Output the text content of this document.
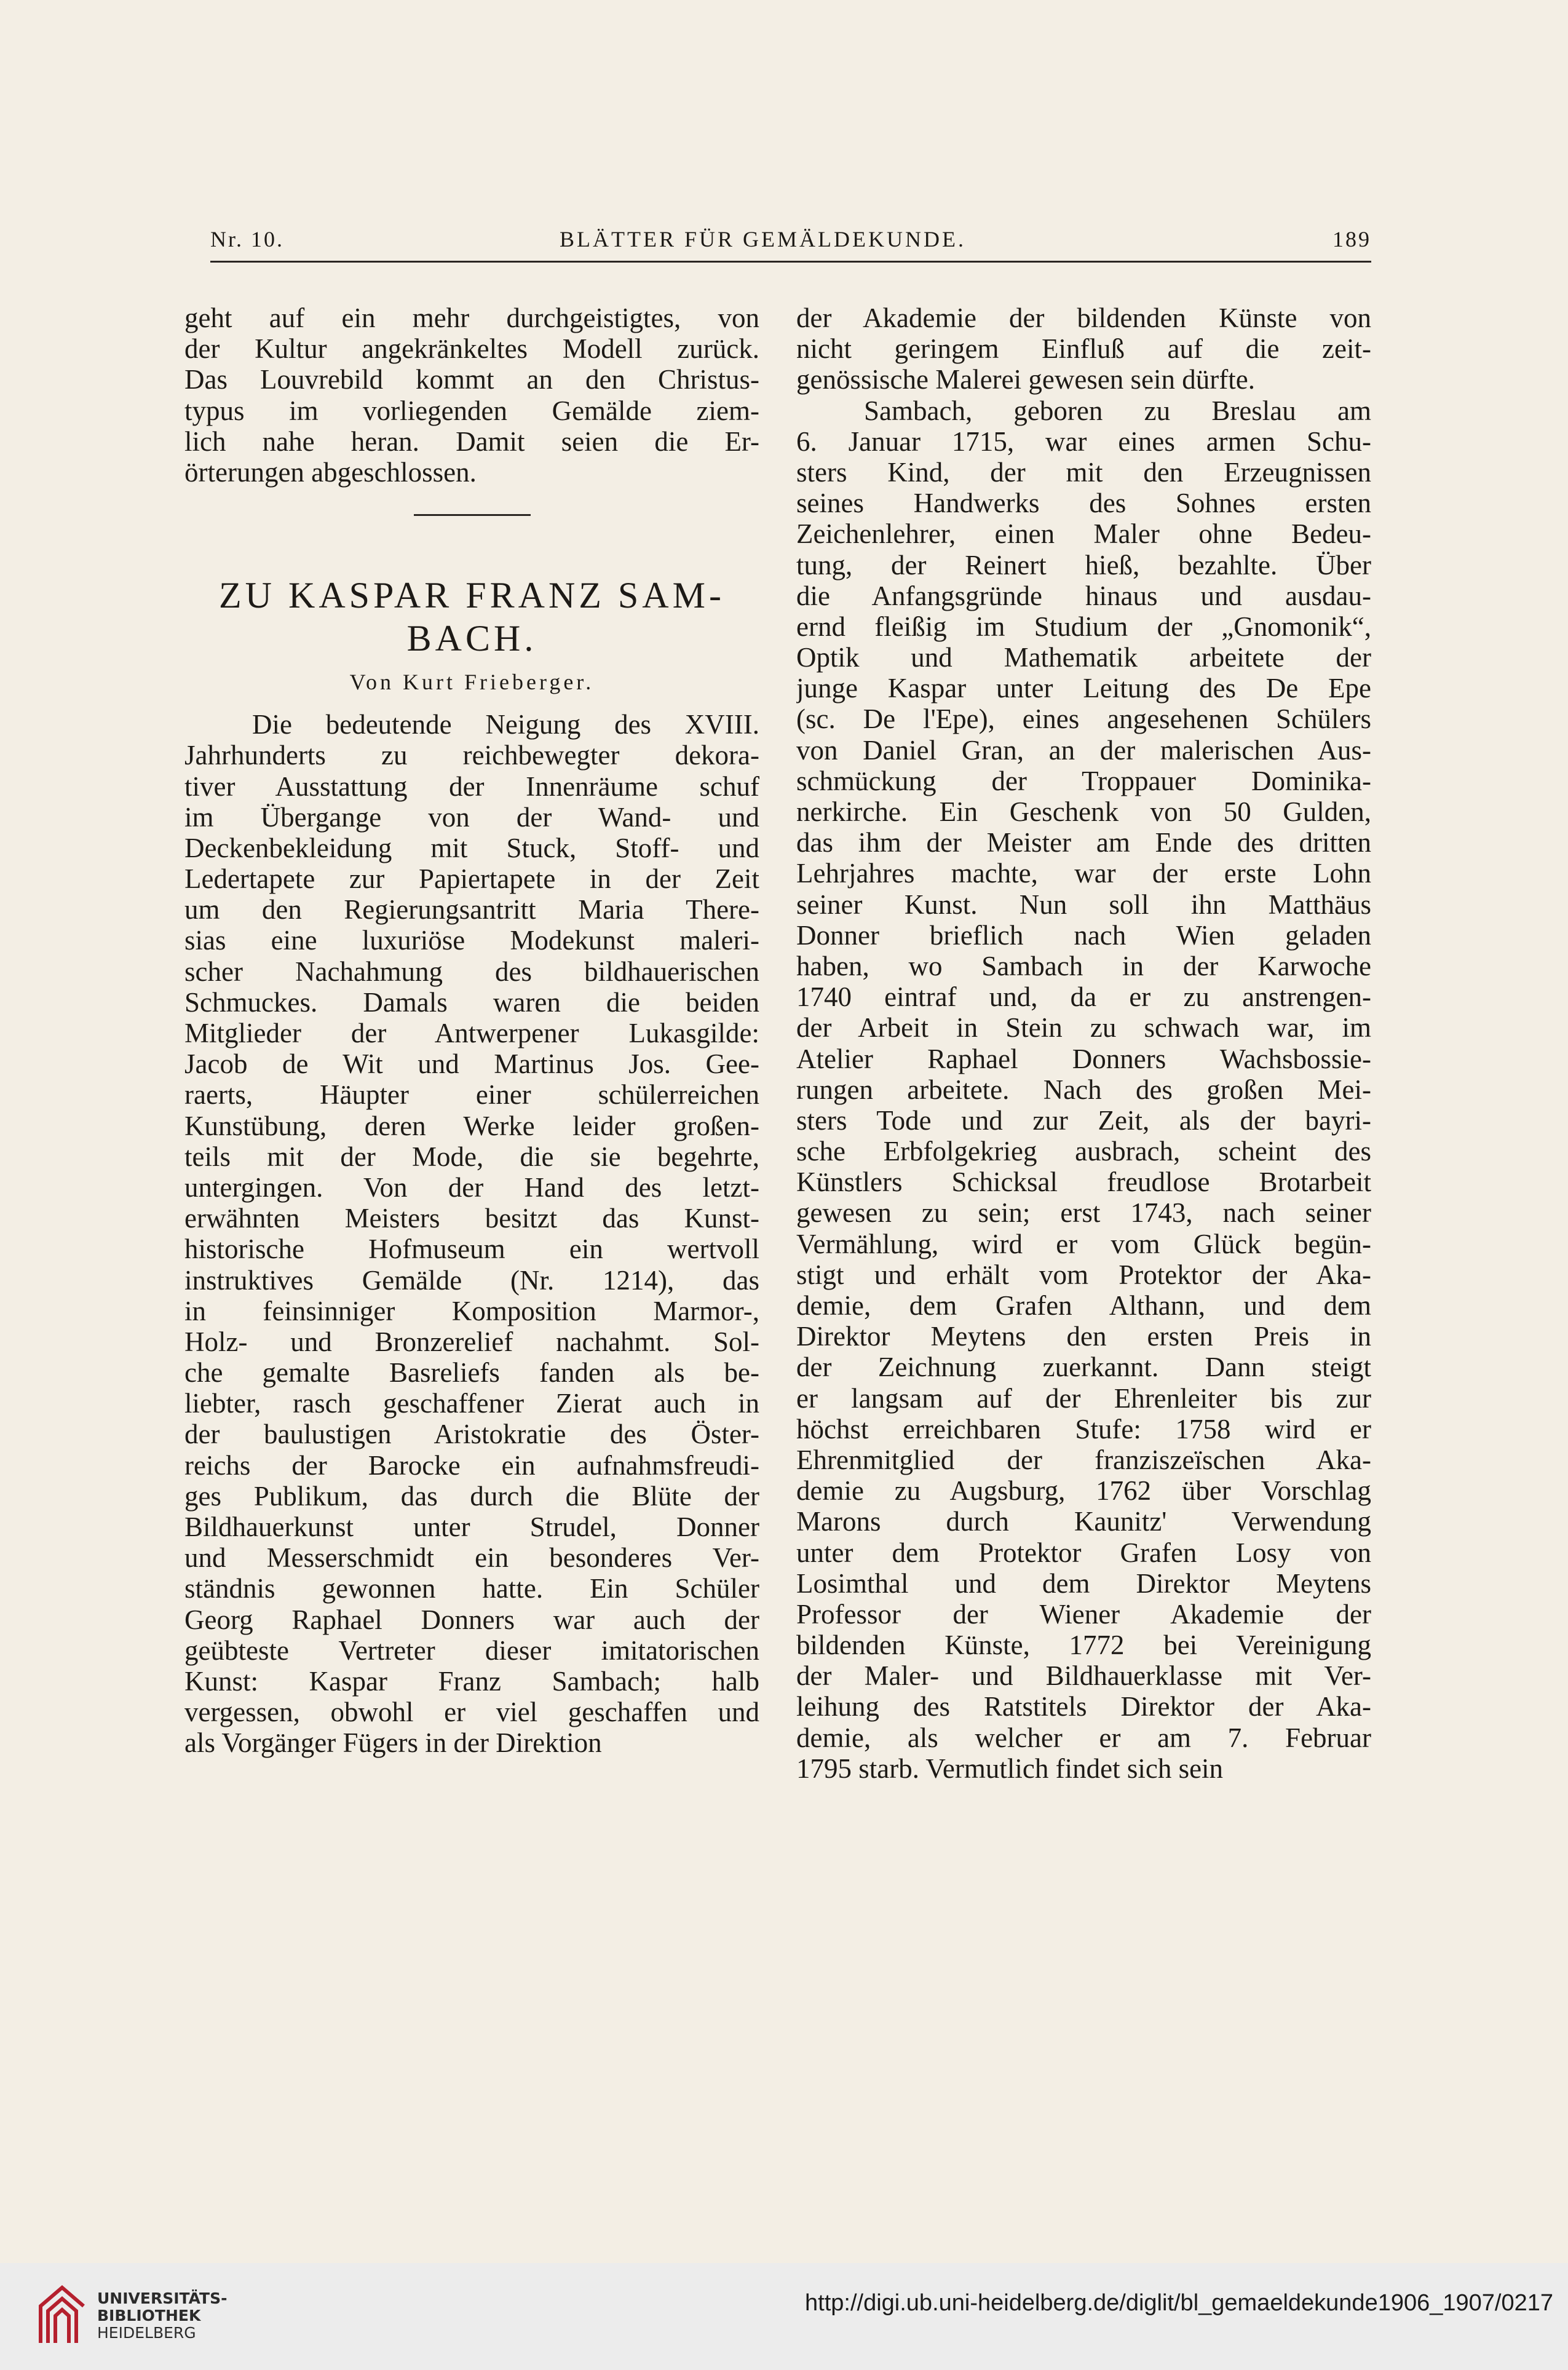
Nr. 10.	BLÄTTER FÜR GEMÄLDEKUNDE.	189
geht auf ein mehr durchgeistigtes, von
der Kultur angekränkeltes Modell zurück.
Das Louvrebild kommt an den Christus-
typus im vorliegenden Gemälde ziem-
lich nahe heran. Damit seien die Er-
örterungen abgeschlossen.
ZU KASPAR FRANZ SAM-
BACH.
Von Kurt Frieberger.
Die bedeutende Neigung des XVIII.
Jahrhunderts zu reichbewegter dekora-
tiver Ausstattung der Innenräume schuf
im Übergange von der Wand- und
Deckenbekleidung mit Stuck, Stoff- und
Ledertapete zur Papiertapete in der Zeit
um den Regierungsantritt Maria There-
sias eine luxuriöse Modekunst maleri-
scher Nachahmung des bildhauerischen
Schmuckes. Damals waren die beiden
Mitglieder der Antwerpener Lukasgilde:
Jacob de Wit und Martinus Jos. Gee-
raerts, Häupter einer schülerreichen
Kunstübung, deren Werke leider großen-
teils mit der Mode, die sie begehrte,
untergingen. Von der Hand des letzt-
erwähnten Meisters besitzt das Kunst-
historische Hofmuseum ein wertvoll
instruktives Gemälde (Nr. 1214), das
in feinsinniger Komposition Marmor-,
Holz- und Bronzerelief nachahmt. Sol-
che gemalte Basreliefs fanden als be-
liebter, rasch geschaffener Zierat auch in
der baulustigen Aristokratie des Öster-
reichs der Barocke ein aufnahmsfreudi-
ges Publikum, das durch die Blüte der
Bildhauerkunst unter Strudel, Donner
und Messerschmidt ein besonderes Ver-
ständnis gewonnen hatte. Ein Schüler
Georg Raphael Donners war auch der
geübteste Vertreter dieser imitatorischen
Kunst: Kaspar Franz Sambach; halb
vergessen, obwohl er viel geschaffen und
als Vorgänger Fügers in der Direktion
der Akademie der bildenden Künste von
nicht geringem Einfluß auf die zeit-
genössische Malerei gewesen sein dürfte.
Sambach, geboren zu Breslau am
6. Januar 1715, war eines armen Schu-
sters Kind, der mit den Erzeugnissen
seines Handwerks des Sohnes ersten
Zeichenlehrer, einen Maler ohne Bedeu-
tung, der Reinert hieß, bezahlte. Über
die Anfangsgründe hinaus und ausdau-
ernd fleißig im Studium der „Gnomonik“,
Optik und Mathematik arbeitete der
junge Kaspar unter Leitung des De Epe
(sc. De l'Epe), eines angesehenen Schülers
von Daniel Gran, an der malerischen Aus-
schmückung der Troppauer Dominika-
nerkirche. Ein Geschenk von 50 Gulden,
das ihm der Meister am Ende des dritten
Lehrjahres machte, war der erste Lohn
seiner Kunst. Nun soll ihn Matthäus
Donner brieflich nach Wien geladen
haben, wo Sambach in der Karwoche
1740 eintraf und, da er zu anstrengen-
der Arbeit in Stein zu schwach war, im
Atelier Raphael Donners Wachsbossie-
rungen arbeitete. Nach des großen Mei-
sters Tode und zur Zeit, als der bayri-
sche Erbfolgekrieg ausbrach, scheint des
Künstlers Schicksal freudlose Brotarbeit
gewesen zu sein; erst 1743, nach seiner
Vermählung, wird er vom Glück begün-
stigt und erhält vom Protektor der Aka-
demie, dem Grafen Althann, und dem
Direktor Meytens den ersten Preis in
der Zeichnung zuerkannt. Dann steigt
er langsam auf der Ehrenleiter bis zur
höchst erreichbaren Stufe: 1758 wird er
Ehrenmitglied der franziszeïschen Aka-
demie zu Augsburg, 1762 über Vorschlag
Marons durch Kaunitz' Verwendung
unter dem Protektor Grafen Losy von
Losimthal und dem Direktor Meytens
Professor der Wiener Akademie der
bildenden Künste, 1772 bei Vereinigung
der Maler- und Bildhauerklasse mit Ver-
leihung des Ratstitels Direktor der Aka-
demie, als welcher er am 7. Februar
1795 starb. Vermutlich findet sich sein
UNIVERSITÄTS-
BIBLIOTHEK
HEIDELBERG
http://digi.ub.uni-heidelberg.de/diglit/bl_gemaeldekunde1906_1907/0217
